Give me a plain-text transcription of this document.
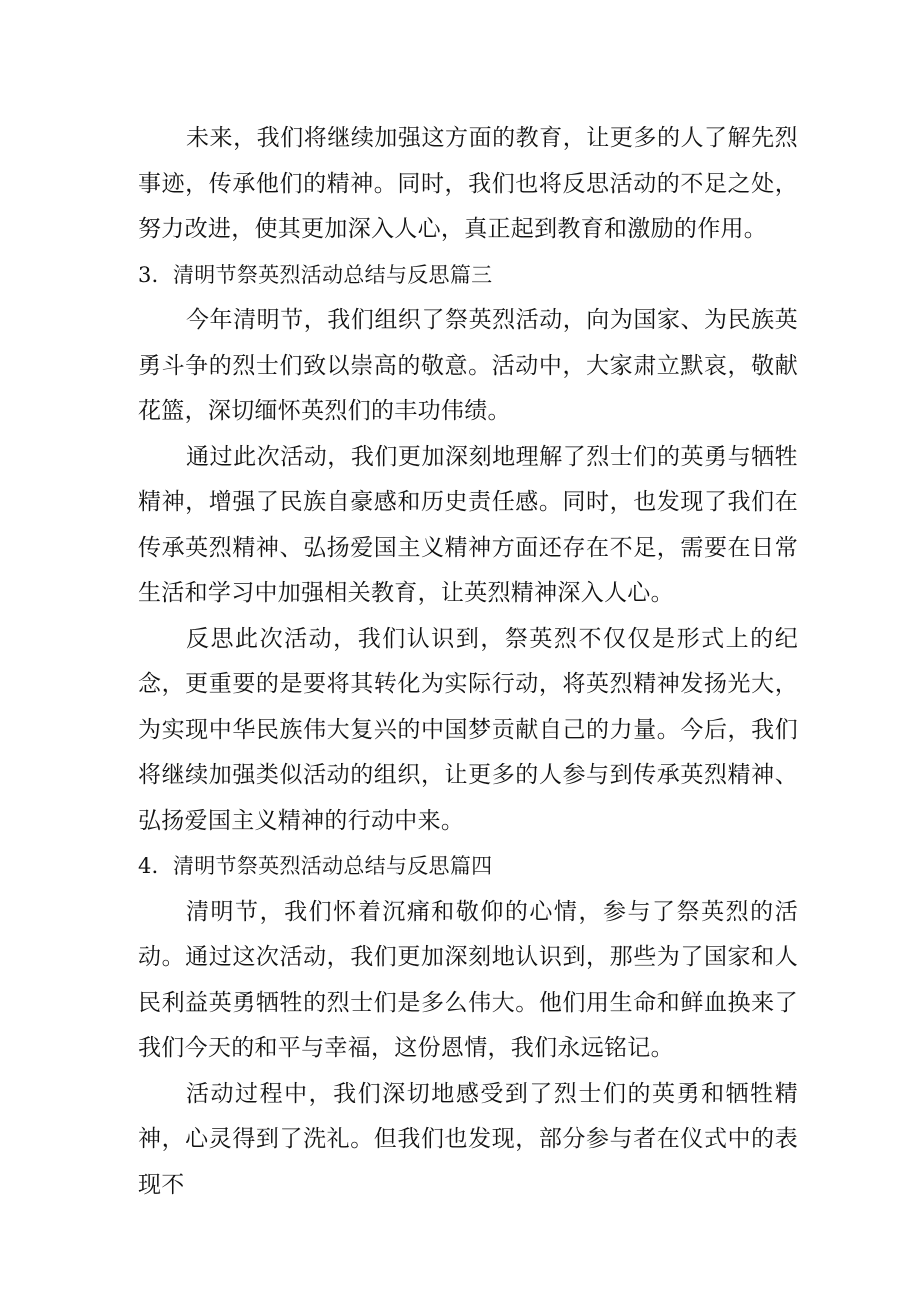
未来，我们将继续加强这方面的教育，让更多的人了解先烈事迹，传承他们的精神。同时，我们也将反思活动的不足之处，努力改进，使其更加深入人心，真正起到教育和激励的作用。

3．清明节祭英烈活动总结与反思篇三

今年清明节，我们组织了祭英烈活动，向为国家、为民族英勇斗争的烈士们致以崇高的敬意。活动中，大家肃立默哀，敬献花篮，深切缅怀英烈们的丰功伟绩。

通过此次活动，我们更加深刻地理解了烈士们的英勇与牺牲精神，增强了民族自豪感和历史责任感。同时，也发现了我们在传承英烈精神、弘扬爱国主义精神方面还存在不足，需要在日常生活和学习中加强相关教育，让英烈精神深入人心。

反思此次活动，我们认识到，祭英烈不仅仅是形式上的纪念，更重要的是要将其转化为实际行动，将英烈精神发扬光大，为实现中华民族伟大复兴的中国梦贡献自己的力量。今后，我们将继续加强类似活动的组织，让更多的人参与到传承英烈精神、弘扬爱国主义精神的行动中来。

4．清明节祭英烈活动总结与反思篇四

清明节，我们怀着沉痛和敬仰的心情，参与了祭英烈的活动。通过这次活动，我们更加深刻地认识到，那些为了国家和人民利益英勇牺牲的烈士们是多么伟大。他们用生命和鲜血换来了我们今天的和平与幸福，这份恩情，我们永远铭记。

活动过程中，我们深切地感受到了烈士们的英勇和牺牲精神，心灵得到了洗礼。但我们也发现，部分参与者在仪式中的表现不
